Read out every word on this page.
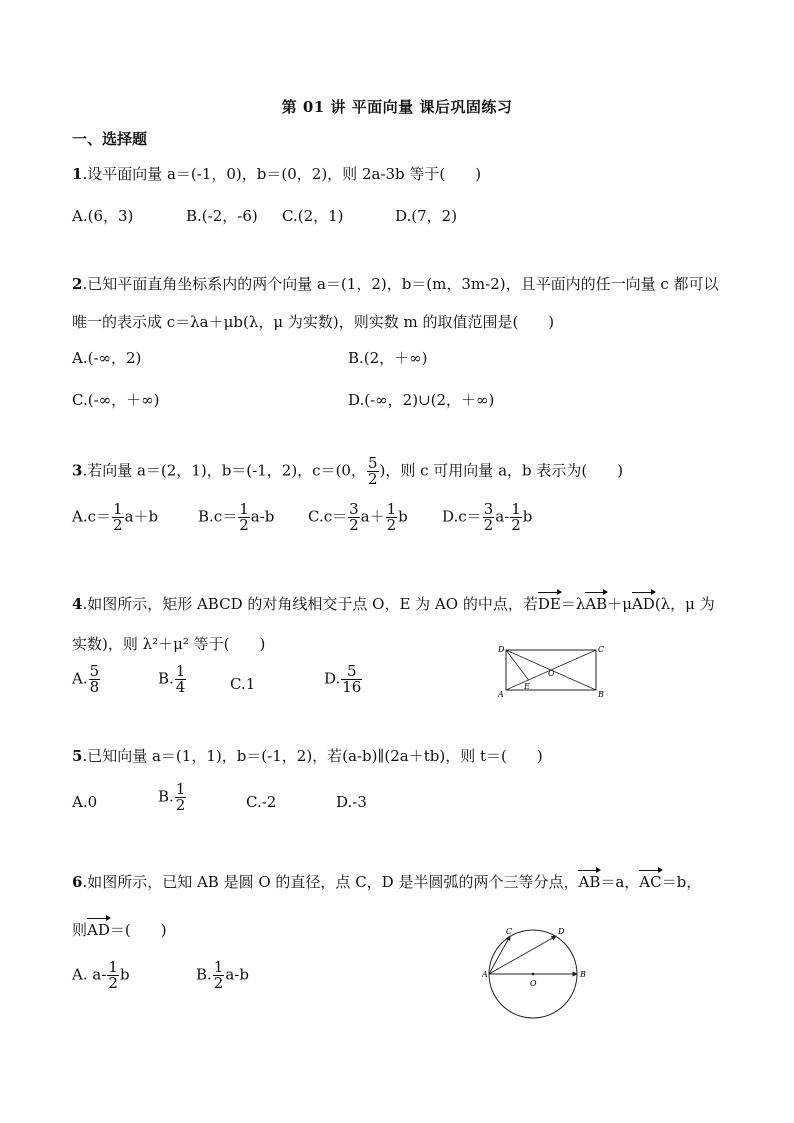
第 01 讲 平面向量 课后巩固练习
一、选择题
1.设平面向量 a＝(-1，0)，b＝(0，2)，则 2a-3b 等于(　　)
A.(6，3)	B.(-2，-6) C.(2，1)	D.(7，2)
2.已知平面直角坐标系内的两个向量 a＝(1，2)，b＝(m，3m-2)，且平面内的任一向量 c 都可以
唯一的表示成 c＝λa＋μb(λ，μ 为实数)，则实数 m 的取值范围是(　　)
A.(-∞，2)	B.(2，＋∞)
C.(-∞，＋∞)	D.(-∞，2)∪(2，＋∞)
3.若向量 a＝(2，1)，b＝(-1，2)，c＝(0， $\frac{5}{2}$ )，则 c 可用向量 a，b 表示为(　　)
$A.c= \frac{1}{2} a+b$	$B.c= \frac{1}{2} a-b$ $C.c= \frac{3}{2} a+ \frac{1}{2}$ b $D.c= \frac{3}{2} a- \frac{1}{2}$ b
4.如图所示，矩形 ABCD 的对角线相交于点 O，E 为 AO 的中点，若DE＝λAB＋μAD(λ，μ 为
实数)，则 λ²＋μ² 等于(　　)
A. $\frac{5}{8}$	B. $\frac{1}{4}$	C.1	D. $\frac{5}{16}$
D	C
A	B
O
E
5.已知向量 a＝(1，1)，b＝(-1，2)，若(a-b)∥(2a＋tb)，则 t＝(　　)
A.0	B. $\frac{1}{2}$	C.-2	D.-3
6.如图所示，已知 AB 是圆 O 的直径，点 C，D 是半圆弧的两个三等分点，AB＝a，AC＝b，
则AD＝(　　)
A. $a- \frac{1}{2}$ b	B. $\frac{1}{2} a-b$	A	B
C	D
O
